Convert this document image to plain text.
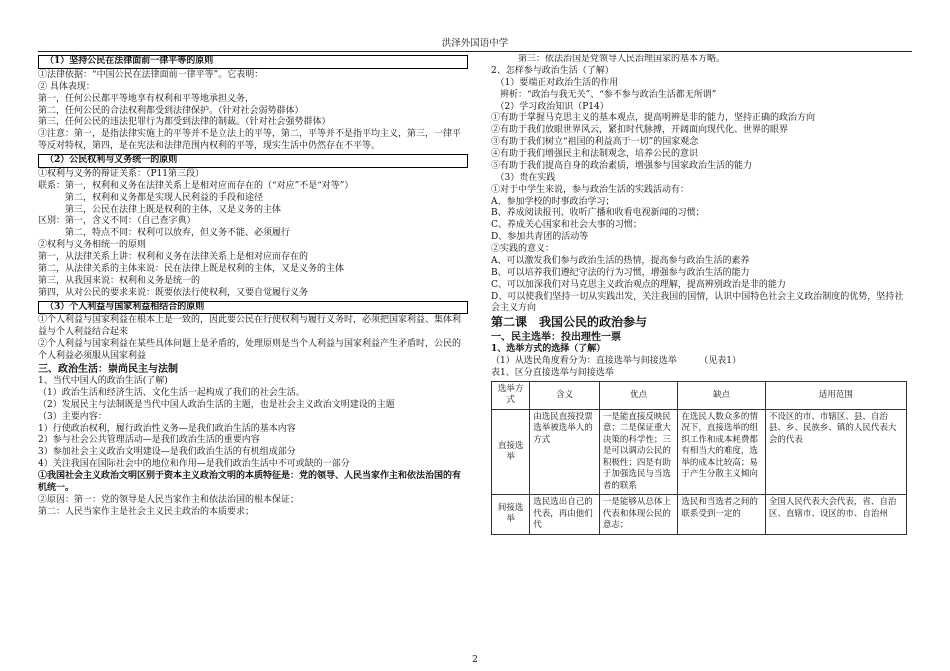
洪泽外国语中学
（1）坚持公民在法律面前一律平等的原则
①法律依据：“中国公民在法律面前一律平等”。它表明：
② 具体表现：
第一，任何公民都平等地享有权利和平等地承担义务，
第二，任何公民的合法权利都受到法律保护。（针对社会弱势群体）
第三，任何公民的违法犯罪行为都受到法律的制裁。（针对社会强势群体）
③注意：第一，是指法律实施上的平等并不是立法上的平等，第二，平等并不是指平均主义，第三，一律平等反对特权，第四，是在宪法和法律范围内权利的平等，现实生活中仍然存在不平等。
（2）公民权利与义务统一的原则
①权利与义务的辩证关系：（P11第三段）
联系：第一，权利和义务在法律关系上是相对应而存在的（“对应”不是“对等”）
　　　第二，权利和义务都是实现人民利益的手段和途径
　　　第三，公民在法律上既是权利的主体，又是义务的主体
区别：第一，含义不同：（自己查字典）
　　　第二，特点不同：权利可以放弃，但义务不能、必须履行
②权利与义务相统一的原则
第一，从法律关系上讲：权利和义务在法律关系上是相对应而存在的
第二，从法律关系的主体来说：民在法律上既是权利的主体，又是义务的主体
第三，从我国来说：权利和义务是统一的
第四，从对公民的要求来说：既要依法行使权利，又要自觉履行义务
（3）个人利益与国家利益相结合的原则
①个人利益与国家利益在根本上是一致的，因此要公民在行使权利与履行义务时，必须把国家利益、集体利益与个人利益结合起来
②个人利益与国家利益在某些具体问题上是矛盾的，处理原则是当个人利益与国家利益产生矛盾时，公民的个人利益必须服从国家利益
三、政治生活：崇尚民主与法制
1、当代中国人的政治生活(了解)
（1）政治生活和经济生活、文化生活一起构成了我们的社会生活。
（2）发展民主与法制既是当代中国人政治生活的主题，也是社会主义政治文明建设的主题
（3）主要内容：
1）行使政治权利，履行政治性义务—是我们政治生活的基本内容
2）参与社会公共管理活动—是我们政治生活的重要内容
3）参加社会主义政治文明建设—是我们政治生活的有机组成部分
4）关注我国在国际社会中的地位和作用—是我们政治生活中不可或缺的一部分
①我国社会主义政治文明区别于资本主义政治文明的本质特征是：党的领导、人民当家作主和依法治国的有机统一。
②原因：第一：党的领导是人民当家作主和依法治国的根本保证；
第二：人民当家作主是社会主义民主政治的本质要求；
　　　第三：依法治国是党领导人民治理国家的基本方略。
2、怎样参与政治生活（了解）
　（1）要端正对政治生活的作用
　辨析：“政治与我无关”、“参不参与政治生活都无所谓”
　（2）学习政治知识（P14）
①有助于掌握马克思主义的基本观点，提高明辨是非的能力，坚持正确的政治方向
②有助于我们放眼世界风云，紧扣时代脉搏，开阔面向现代化、世界的眼界
③有助于我们树立“祖国的利益高于一切”的国家观念
④有助于我们增强民主和法制观念，培养公民的意识
⑤有助于我们提高自身的政治素质，增强参与国家政治生活的能力
　（3）贵在实践
①对于中学生来说，参与政治生活的实践活动有：
A、参加学校的时事政治学习；
B、养成阅读报刊、收听广播和收看电视新闻的习惯；
C、养成关心国家和社会大事的习惯；
D、参加共青团的活动等
②实践的意义：
A、可以激发我们参与政治生活的热情，提高参与政治生活的素养
B、可以培养我们遵纪守法的行为习惯，增强参与政治生活的能力
C、可以加深我们对马克思主义政治观点的理解，提高辨别政治是非的能力
D、可以使我们坚持一切从实践出发，关注我国的国情，认识中国特色社会主义政治制度的优势，坚持社会主义方向
第二课　我国公民的政治参与
一、民主选举：投出理性一票
1、选举方式的选择（了解）
（1）从选民角度看分为：直接选举与间接选举　　　（见表1）
表1、区分直接选举与间接选举
选举方式	含义	优点	缺点	适用范围
直接选举	由选民直接投票选举被选举人的方式	一是能直接反映民意；二是保证重大决策的科学性；三是可以调动公民的积极性；四是有助于加强选民与当选者的联系	在选民人数众多的情况下，直接选举的组织工作和成本耗费都有相当大的难度，选举的成本比较高；易于产生分散主义倾向	不设区的市、市辖区、县、自治县、乡、民族乡、镇的人民代表大会的代表
间接选举	选民选出自己的代表，再由他们代	一是能够从总体上代表和体现公民的意志；	选民和当选者之间的联系受到一定的	全国人民代表大会代表，省、自治区、直辖市、设区的市、自治州
2
